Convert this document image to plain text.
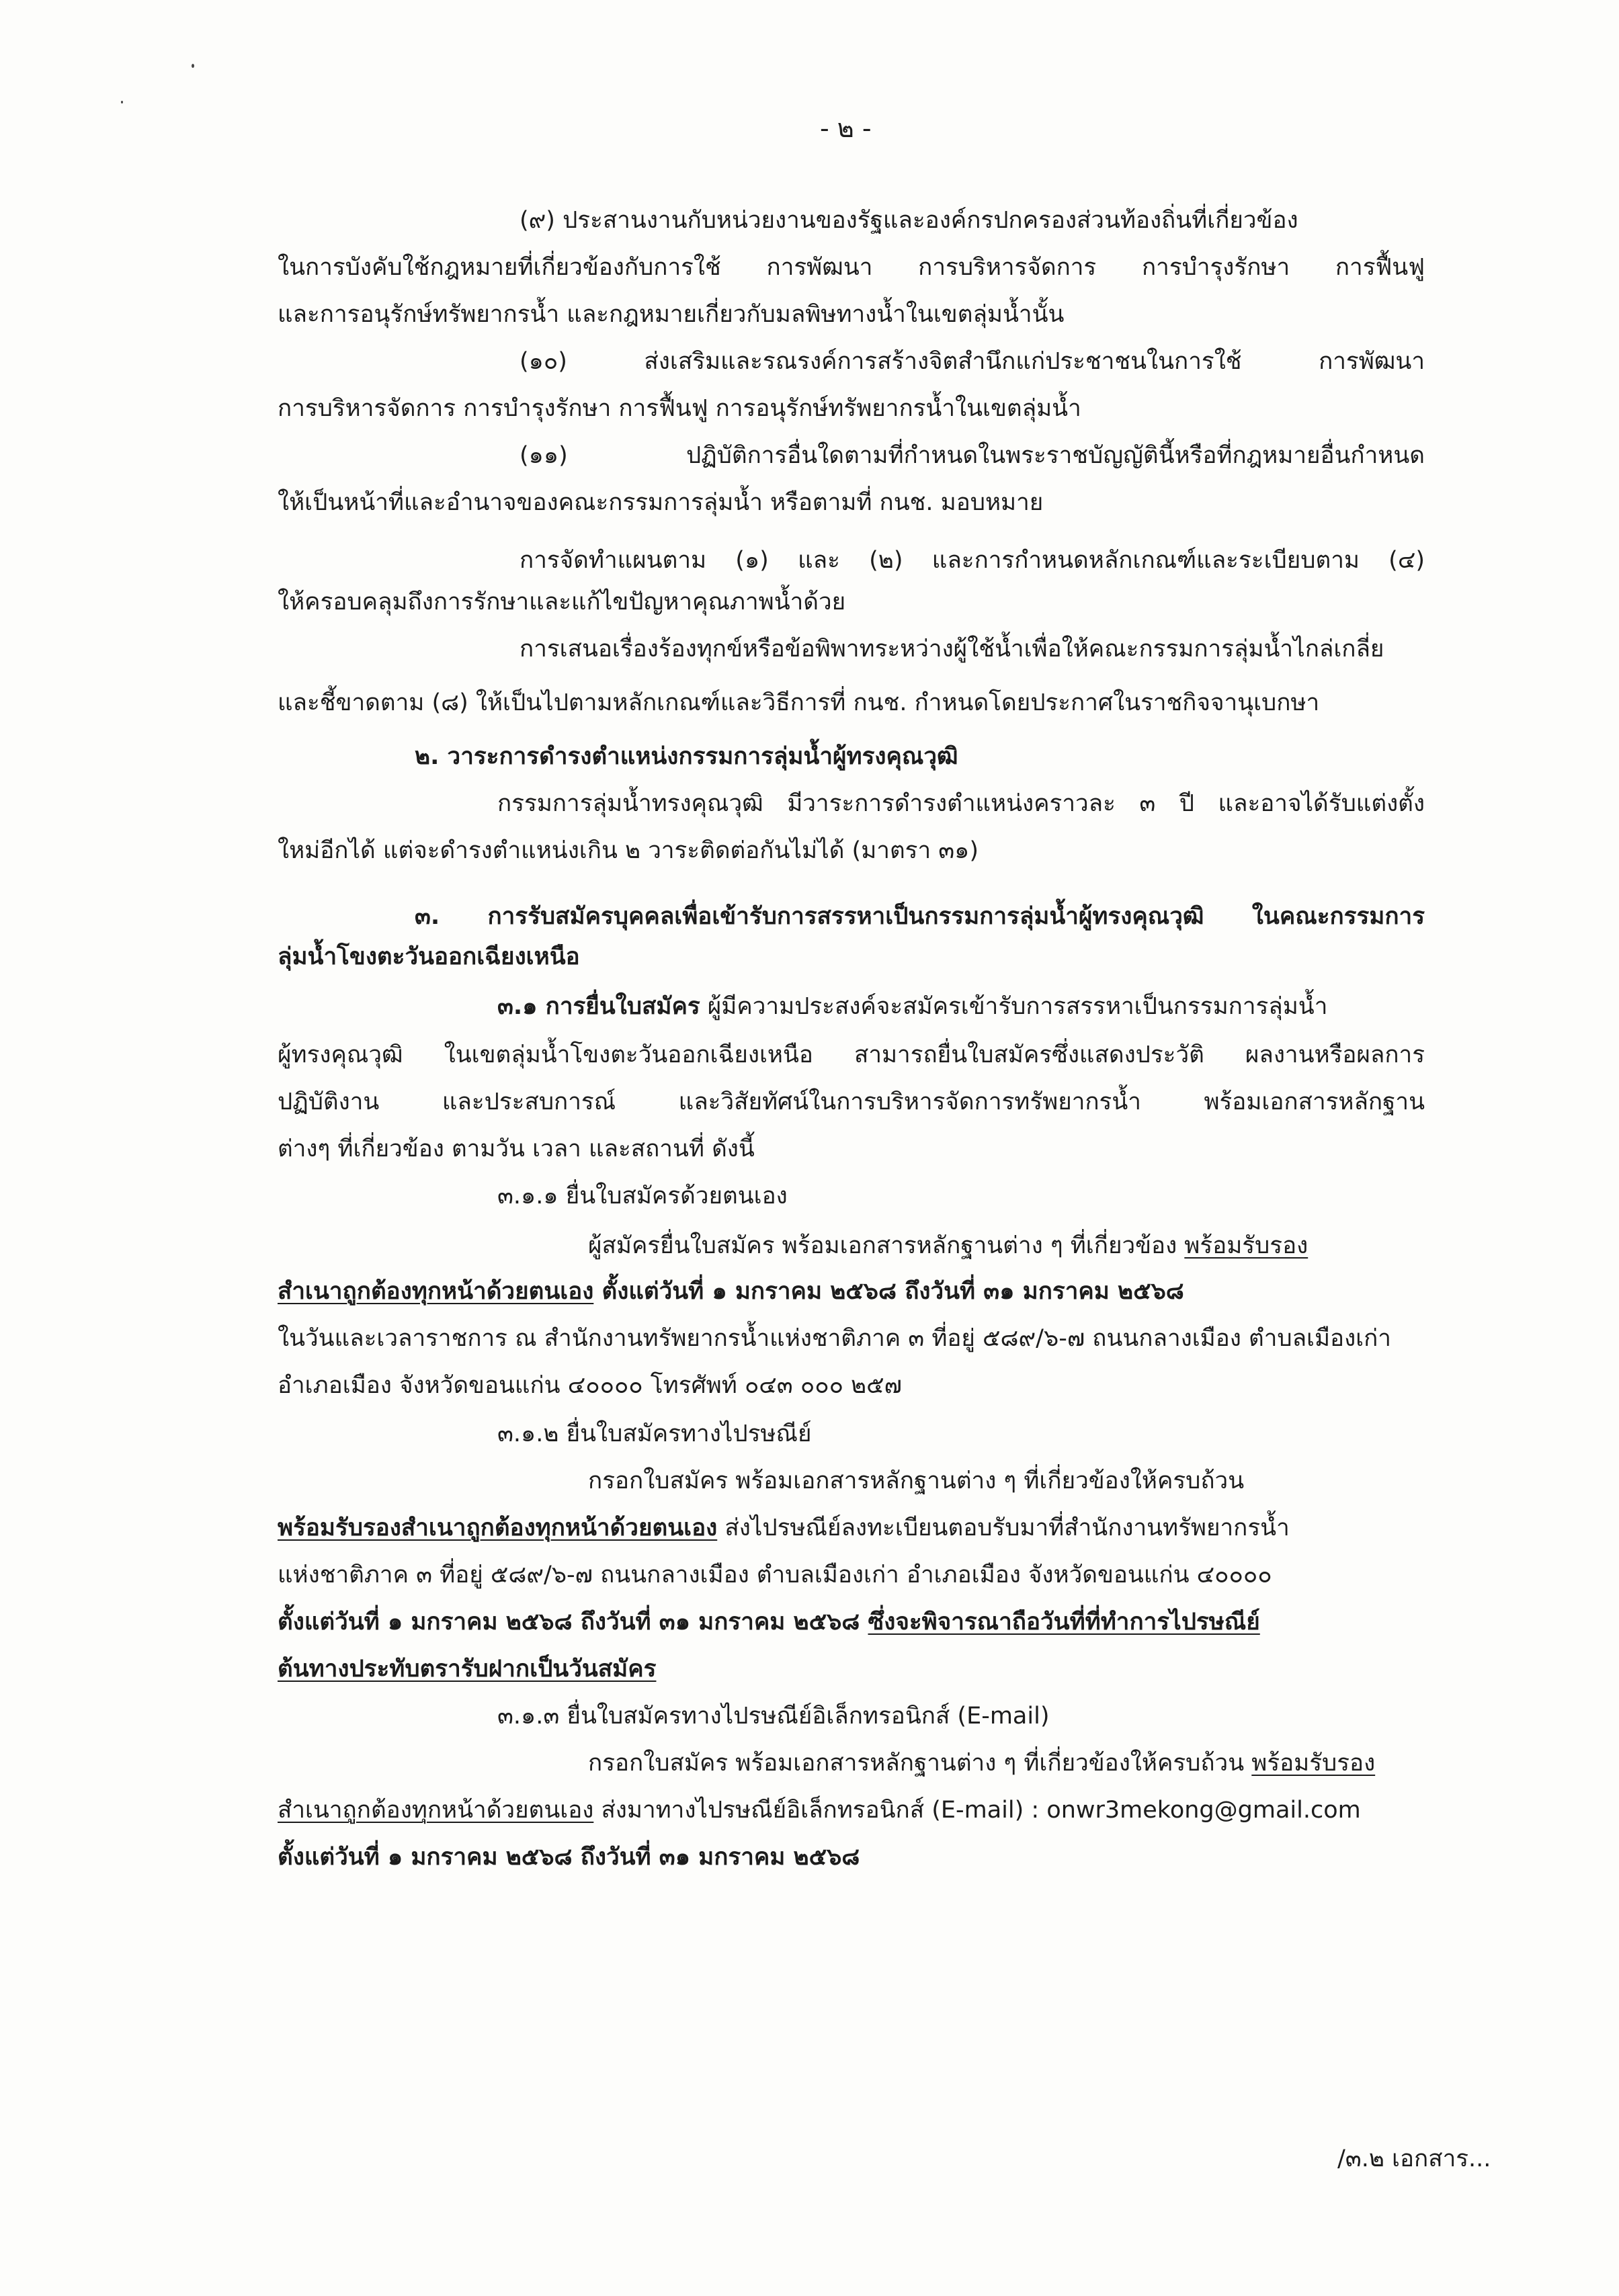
- ๒ -
(๙) ประสานงานกับหน่วยงานของรัฐและองค์กรปกครองส่วนท้องถิ่นที่เกี่ยวข้อง
ในการบังคับใช้กฎหมายที่เกี่ยวข้องกับการใช้ การพัฒนา การบริหารจัดการ การบำรุงรักษา การฟื้นฟู
และการอนุรักษ์ทรัพยากรน้ำ และกฎหมายเกี่ยวกับมลพิษทางน้ำในเขตลุ่มน้ำนั้น
(๑๐) ส่งเสริมและรณรงค์การสร้างจิตสำนึกแก่ประชาชนในการใช้ การพัฒนา
การบริหารจัดการ การบำรุงรักษา การฟื้นฟู การอนุรักษ์ทรัพยากรน้ำในเขตลุ่มน้ำ
(๑๑) ปฏิบัติการอื่นใดตามที่กำหนดในพระราชบัญญัตินี้หรือที่กฎหมายอื่นกำหนด
ให้เป็นหน้าที่และอำนาจของคณะกรรมการลุ่มน้ำ หรือตามที่ กนช. มอบหมาย
การจัดทำแผนตาม (๑) และ (๒) และการกำหนดหลักเกณฑ์และระเบียบตาม (๔)
ให้ครอบคลุมถึงการรักษาและแก้ไขปัญหาคุณภาพน้ำด้วย
การเสนอเรื่องร้องทุกข์หรือข้อพิพาทระหว่างผู้ใช้น้ำเพื่อให้คณะกรรมการลุ่มน้ำไกล่เกลี่ย
และชี้ขาดตาม (๘) ให้เป็นไปตามหลักเกณฑ์และวิธีการที่ กนช. กำหนดโดยประกาศในราชกิจจานุเบกษา
๒. วาระการดำรงตำแหน่งกรรมการลุ่มน้ำผู้ทรงคุณวุฒิ
กรรมการลุ่มน้ำทรงคุณวุฒิ มีวาระการดำรงตำแหน่งคราวละ ๓ ปี และอาจได้รับแต่งตั้ง
ใหม่อีกได้ แต่จะดำรงตำแหน่งเกิน ๒ วาระติดต่อกันไม่ได้ (มาตรา ๓๑)
๓. การรับสมัครบุคคลเพื่อเข้ารับการสรรหาเป็นกรรมการลุ่มน้ำผู้ทรงคุณวุฒิ ในคณะกรรมการ
ลุ่มน้ำโขงตะวันออกเฉียงเหนือ
๓.๑ การยื่นใบสมัคร ผู้มีความประสงค์จะสมัครเข้ารับการสรรหาเป็นกรรมการลุ่มน้ำ
ผู้ทรงคุณวุฒิ ในเขตลุ่มน้ำโขงตะวันออกเฉียงเหนือ สามารถยื่นใบสมัครซึ่งแสดงประวัติ ผลงานหรือผลการ
ปฏิบัติงาน และประสบการณ์ และวิสัยทัศน์ในการบริหารจัดการทรัพยากรน้ำ พร้อมเอกสารหลักฐาน
ต่างๆ ที่เกี่ยวข้อง ตามวัน เวลา และสถานที่ ดังนี้
๓.๑.๑ ยื่นใบสมัครด้วยตนเอง
ผู้สมัครยื่นใบสมัคร พร้อมเอกสารหลักฐานต่าง ๆ ที่เกี่ยวข้อง พร้อมรับรอง
สำเนาถูกต้องทุกหน้าด้วยตนเอง ตั้งแต่วันที่ ๑ มกราคม ๒๕๖๘ ถึงวันที่ ๓๑ มกราคม ๒๕๖๘
ในวันและเวลาราชการ ณ สำนักงานทรัพยากรน้ำแห่งชาติภาค ๓ ที่อยู่ ๕๘๙/๖-๗ ถนนกลางเมือง ตำบลเมืองเก่า
อำเภอเมือง จังหวัดขอนแก่น ๔๐๐๐๐ โทรศัพท์ ๐๔๓ ๐๐๐ ๒๕๗
๓.๑.๒ ยื่นใบสมัครทางไปรษณีย์
กรอกใบสมัคร พร้อมเอกสารหลักฐานต่าง ๆ ที่เกี่ยวข้องให้ครบถ้วน
พร้อมรับรองสำเนาถูกต้องทุกหน้าด้วยตนเอง ส่งไปรษณีย์ลงทะเบียนตอบรับมาที่สำนักงานทรัพยากรน้ำ
แห่งชาติภาค ๓ ที่อยู่ ๕๘๙/๖-๗ ถนนกลางเมือง ตำบลเมืองเก่า อำเภอเมือง จังหวัดขอนแก่น ๔๐๐๐๐
ตั้งแต่วันที่ ๑ มกราคม ๒๕๖๘ ถึงวันที่ ๓๑ มกราคม ๒๕๖๘ ซึ่งจะพิจารณาถือวันที่ที่ทำการไปรษณีย์
ต้นทางประทับตรารับฝากเป็นวันสมัคร
๓.๑.๓ ยื่นใบสมัครทางไปรษณีย์อิเล็กทรอนิกส์ (E-mail)
กรอกใบสมัคร พร้อมเอกสารหลักฐานต่าง ๆ ที่เกี่ยวข้องให้ครบถ้วน พร้อมรับรอง
สำเนาถูกต้องทุกหน้าด้วยตนเอง ส่งมาทางไปรษณีย์อิเล็กทรอนิกส์ (E-mail) : onwr3mekong@gmail.com
ตั้งแต่วันที่ ๑ มกราคม ๒๕๖๘ ถึงวันที่ ๓๑ มกราคม ๒๕๖๘
/๓.๒ เอกสาร...
